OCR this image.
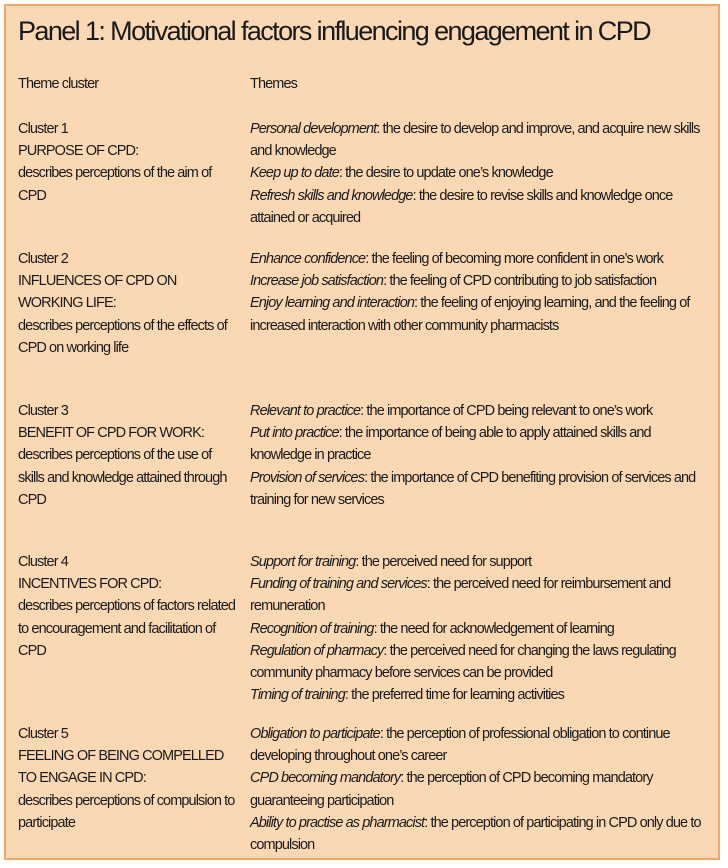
Panel 1: Motivational factors influencing engagement in CPD
Theme cluster	Themes
Cluster 1
PURPOSE OF CPD:
describes perceptions of the aim of CPD
Personal development: the desire to develop and improve, and acquire new skills and knowledge
Keep up to date: the desire to update one’s knowledge
Refresh skills and knowledge: the desire to revise skills and knowledge once attained or acquired
Cluster 2
INFLUENCES OF CPD ON WORKING LIFE:
describes perceptions of the effects of CPD on working life
Enhance confidence: the feeling of becoming more confident in one’s work
Increase job satisfaction: the feeling of CPD contributing to job satisfaction
Enjoy learning and interaction: the feeling of enjoying learning, and the feeling of increased interaction with other community pharmacists
Cluster 3
BENEFIT OF CPD FOR WORK:
describes perceptions of the use of skills and knowledge attained through CPD
Relevant to practice: the importance of CPD being relevant to one’s work
Put into practice: the importance of being able to apply attained skills and knowledge in practice
Provision of services: the importance of CPD benefiting provision of services and training for new services
Cluster 4
INCENTIVES FOR CPD:
describes perceptions of factors related to encouragement and facilitation of CPD
Support for training: the perceived need for support
Funding of training and services: the perceived need for reimbursement and remuneration
Recognition of training: the need for acknowledgement of learning
Regulation of pharmacy: the perceived need for changing the laws regulating community pharmacy before services can be provided
Timing of training: the preferred time for learning activities
Cluster 5
FEELING OF BEING COMPELLED TO ENGAGE IN CPD:
describes perceptions of compulsion to participate
Obligation to participate: the perception of professional obligation to continue developing throughout one’s career
CPD becoming mandatory: the perception of CPD becoming mandatory guaranteeing participation
Ability to practise as pharmacist: the perception of participating in CPD only due to compulsion
